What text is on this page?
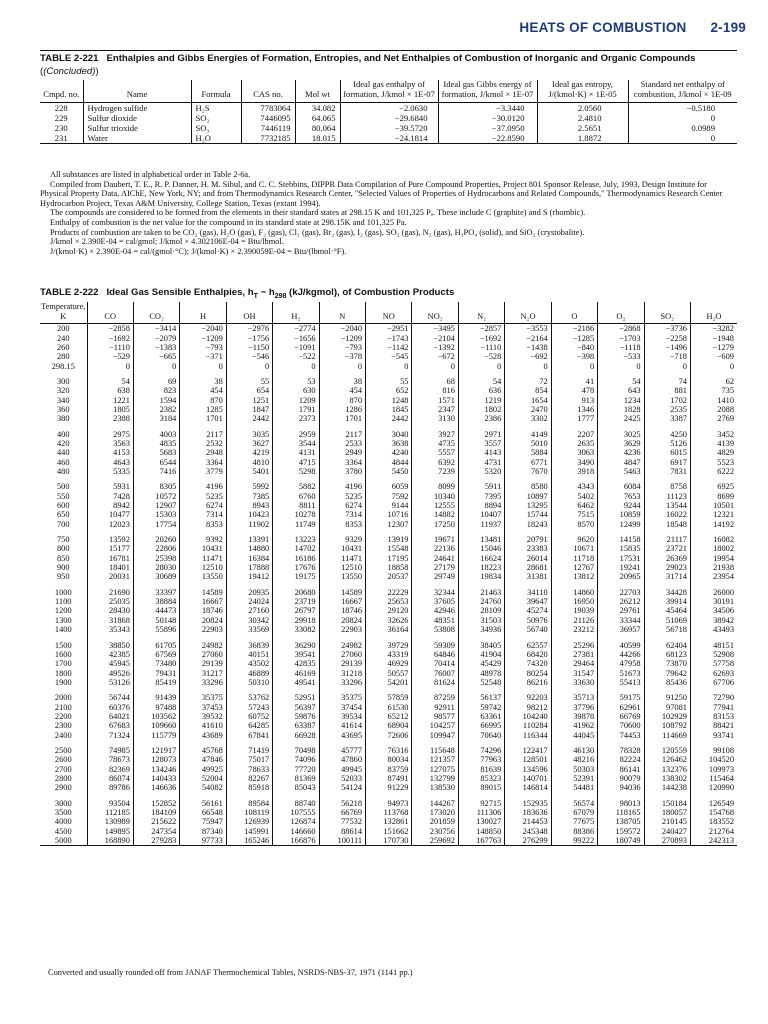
HEATS OF COMBUSTION 2-199
TABLE 2-221 Enthalpies and Gibbs Energies of Formation, Entropies, and Net Enthalpies of Combustion of Inorganic and Organic Compounds ((Concluded))
Cmpd. no.	Name	Formula	CAS no.	Mol wt	Ideal gas enthalpy of formation, J/kmol × 1E-07	Ideal gas Gibbs energy of formation, J/kmol × 1E-07	Ideal gas entropy, J/(kmol·K) × 1E-05	Standard net enthalpy of combustion, J/kmol × 1E-09
228	Hydrogen sulfide	H₂S	7783064	34.082	−2.0630	−3.3440	2.0560	−0.5180
229	Sulfur dioxide	SO₂	7446095	64.065	−29.6840	−30.0120	2.4810	0
230	Sulfur trioxide	SO₃	7446119	80.064	−39.5720	−37.0950	2.5651	0.0989
231	Water	H₂O	7732185	18.015	−24.1814	−22.8590	1.8872	0
All substances are listed in alphabetical order in Table 2-6a.
Compiled from Daubert, T. E., R. P. Danner, H. M. Sibul, and C. C. Stebbins, DIPPR Data Compilation of Pure Compound Properties, Project 801 Sponsor Release, July, 1993, Design Institute for Physical Property Data, AIChE, New York, NY; and from Thermodynamics Research Center, "Selected Values of Properties of Hydrocarbons and Related Compounds," Thermodynamics Research Center Hydrocarbon Project, Texas A&M University, College Station, Texas (extant 1994).
The compounds are considered to be formed from the elements in their standard states at 298.15 K and 101,325 Pₐ. These include C (graphite) and S (rhombic).
Enthalpy of combustion is the net value for the compound in its standard state at 298.15K and 101,325 Pa.
Products of combustion are taken to be CO₂ (gas), H₂O (gas), F₂ (gas), Cl₂ (gas), Br₂ (gas), I₂ (gas), SO₂ (gas), N₂ (gas), H₃PO₄ (solid), and SiO₂ (crystobalite).
J/kmol × 2.390E-04 = cal/gmol; J/kmol × 4.302106E-04 = Btu/lbmol.
J/(kmol·K) × 2.390E-04 = cal/(gmol·°C); J/(kmol·K) × 2.390059E-04 = Btu/(lbmol·°F).
TABLE 2-222 Ideal Gas Sensible Enthalpies, $h_T - h_{298}$ (kJ/kgmol), of Combustion Products
Temperature, K	CO	CO₂	H	OH	H₂	N	NO	NO₂	N₂	N₂O	O	O₂	SO₂	H₂O
200	−2858	−3414	−2040	−2976	−2774	−2040	−2951	−3495	−2857	−3553	−2186	−2868	−3736	−3282
240	−1692	−2079	−1209	−1756	−1656	−1209	−1743	−2104	−1692	−2164	−1285	−1703	−2258	−1948
260	−1110	−1383	−793	−1150	−1091	−793	−1142	−1392	−1110	−1438	−840	−1118	−1496	−1279
280	−529	−665	−371	−546	−522	−378	−545	−672	−528	−692	−398	−533	−718	−609
298.15	0	0	0	0	0	0	0	0	0	0	0	0	0	0
300	54	69	38	55	53	38	55	68	54	72	41	54	74	62
320	638	823	454	654	630	454	652	816	636	854	478	643	881	735
340	1221	1594	870	1251	1209	870	1248	1571	1219	1654	913	1234	1702	1410
360	1805	2382	1285	1847	1791	1286	1845	2347	1802	2470	1346	1828	2535	2088
380	2388	3184	1701	2442	2373	1701	2442	3130	2386	3302	1777	2425	3387	2769
400	2975	4003	2117	3035	2959	2117	3040	3927	2971	4149	2207	3025	4250	3452
420	3563	4835	2532	3627	3544	2533	3638	4735	3557	5010	2635	3629	5126	4139
440	4153	5683	2948	4219	4131	2949	4240	5557	4143	5884	3063	4236	6015	4829
460	4643	6544	3364	4810	4715	3364	4844	6392	4731	6771	3490	4847	6917	5523
480	5335	7416	3779	5401	5298	3780	5450	7239	5320	7670	3918	5463	7831	6222
500	5931	8305	4196	5992	5882	4196	6059	8099	5911	8580	4343	6084	8758	6925
550	7428	10572	5235	7385	6760	5235	7592	10340	7395	10897	5402	7653	11123	8699
600	8942	12907	6274	8943	8811	6274	9144	12555	8894	13295	6462	9244	13544	10501
650	10477	15303	7314	10423	10278	7314	10716	14882	10407	15744	7515	10859	16022	12321
700	12023	17754	8353	11902	11749	8353	12307	17250	11937	18243	8570	12499	18548	14192
750	13592	20260	9392	13391	13223	9329	13919	19671	13481	20791	9620	14158	21117	16082
800	15177	22806	10431	14880	14702	10431	15548	22136	15046	23383	10671	15835	23721	18002
850	16781	25398	11471	16384	16186	11471	17195	24641	16624	26014	11718	17531	26369	19954
900	18401	28030	12510	17888	17676	12510	18858	27179	18223	28681	12767	19241	29023	21938
950	20031	30689	13550	19412	19175	13550	20537	29749	19834	31381	13812	20965	31714	23954
1000	21690	33397	14589	20935	20680	14589	22229	32344	21463	34110	14860	22703	34428	26000
1100	25035	38884	16667	24024	23719	16667	25653	37605	24760	39647	16950	26212	39914	30191
1200	28430	44473	18746	27160	26797	18746	29120	42946	28109	45274	19039	29761	45464	34506
1300	31868	50148	20824	30342	29918	20824	32626	48351	31503	50976	21126	33344	51069	38942
1400	35343	55896	22903	33569	33082	22903	36164	53808	34936	56740	23212	36957	56718	43493
1500	38850	61705	24982	36839	36290	24982	39729	59309	38405	62557	25296	40599	62404	48151
1600	42385	67569	27060	40151	39541	27060	43319	64846	41904	68420	27381	44266	68123	52908
1700	45945	73480	29139	43502	42835	29139	46929	70414	45429	74320	29464	47958	73870	57758
1800	49526	79431	31217	46889	46169	31218	50557	76007	48978	80254	31547	51673	79642	62693
1900	53126	85419	33296	50310	49541	33296	54201	81624	52548	86216	33630	55413	85436	67706
2000	56744	91439	35375	53762	52951	35375	57859	87259	56137	92203	35713	59175	91250	72790
2100	60376	97488	37453	57243	56397	37454	61530	92911	59742	98212	37796	62961	97081	77941
2200	64021	103562	39532	60752	59876	39534	65212	98577	63361	104240	39878	66769	102929	83153
2300	67683	109660	41610	64285	63387	41614	68904	104257	66995	110284	41962	70600	108792	88421
2400	71324	115779	43689	67841	66928	43695	72606	109947	70640	116344	44045	74453	114669	93741
2500	74985	121917	45768	71419	70498	45777	76316	115648	74296	122417	46130	78328	120559	99108
2600	78673	128073	47846	75017	74096	47860	80034	121357	77963	128501	48216	82224	126462	104520
2700	82369	134246	49925	78633	77720	49945	83759	127075	81639	134596	50303	86141	132376	109973
2800	86074	140433	52004	82267	81369	52033	87491	132799	85323	140701	52391	90079	138302	115464
2900	89786	146636	54082	85918	85043	54124	91229	138530	89015	146814	54481	94036	144238	120990
3000	93504	152852	56161	89584	88740	56218	94973	144267	92715	152935	56574	98013	150184	126549
3500	112185	184109	66548	108119	107555	66769	113768	173020	111306	183636	67079	118165	180057	154768
4000	130989	215622	75947	126939	126874	77532	132861	201859	130027	214453	77675	138705	210145	183552
4500	149895	247354	87340	145991	146660	88614	151662	230756	148850	245348	88386	159572	240427	212764
5000	168890	279283	97733	165246	166876	100111	170730	259692	167763	276299	99222	180749	270893	242313
Converted and usually rounded off from JANAF Thermochemical Tables, NSRDS-NBS-37, 1971 (1141 pp.)
